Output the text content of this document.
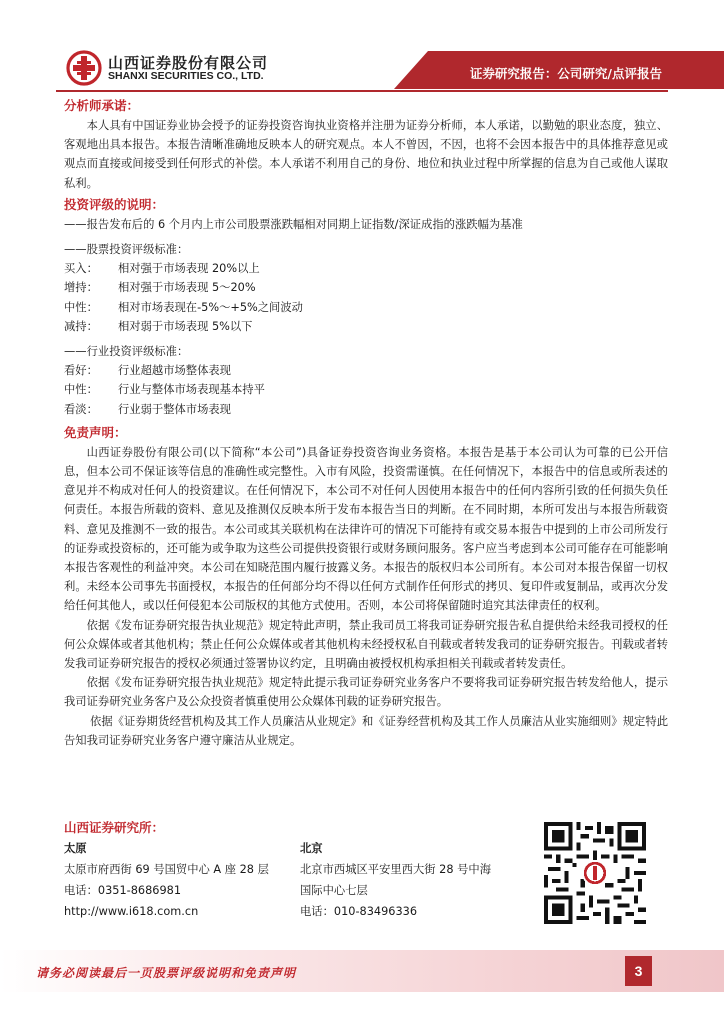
山西证券股份有限公司
SHANXI SECURITIES CO., LTD.	证券研究报告：公司研究/点评报告
分析师承诺：
本人具有中国证券业协会授予的证券投资咨询执业资格并注册为证券分析师，本人承诺，以勤勉的职业态度，独立、客观地出具本报告。本报告清晰准确地反映本人的研究观点。本人不曾因，不因，也将不会因本报告中的具体推荐意见或观点而直接或间接受到任何形式的补偿。本人承诺不利用自己的身份、地位和执业过程中所掌握的信息为自己或他人谋取私利。
投资评级的说明：
——报告发布后的 6 个月内上市公司股票涨跌幅相对同期上证指数/深证成指的涨跌幅为基准
——股票投资评级标准：
买入：	相对强于市场表现 20%以上
增持：	相对强于市场表现 5～20%
中性：	相对市场表现在-5%～+5%之间波动
减持：	相对弱于市场表现 5%以下
——行业投资评级标准：
看好：	行业超越市场整体表现
中性：	行业与整体市场表现基本持平
看淡：	行业弱于整体市场表现
免责声明：
山西证券股份有限公司(以下简称“本公司”)具备证券投资咨询业务资格。本报告是基于本公司认为可靠的已公开信息，但本公司不保证该等信息的准确性或完整性。入市有风险，投资需谨慎。在任何情况下，本报告中的信息或所表述的意见并不构成对任何人的投资建议。在任何情况下，本公司不对任何人因使用本报告中的任何内容所引致的任何损失负任何责任。本报告所载的资料、意见及推测仅反映本所于发布本报告当日的判断。在不同时期，本所可发出与本报告所载资料、意见及推测不一致的报告。本公司或其关联机构在法律许可的情况下可能持有或交易本报告中提到的上市公司所发行的证券或投资标的，还可能为或争取为这些公司提供投资银行或财务顾问服务。客户应当考虑到本公司可能存在可能影响本报告客观性的利益冲突。本公司在知晓范围内履行披露义务。本报告的版权归本公司所有。本公司对本报告保留一切权利。未经本公司事先书面授权，本报告的任何部分均不得以任何方式制作任何形式的拷贝、复印件或复制品，或再次分发给任何其他人，或以任何侵犯本公司版权的其他方式使用。否则，本公司将保留随时追究其法律责任的权利。
依据《发布证券研究报告执业规范》规定特此声明，禁止我司员工将我司证券研究报告私自提供给未经我司授权的任何公众媒体或者其他机构；禁止任何公众媒体或者其他机构未经授权私自刊载或者转发我司的证券研究报告。刊载或者转发我司证券研究报告的授权必须通过签署协议约定，且明确由被授权机构承担相关刊载或者转发责任。
依据《发布证券研究报告执业规范》规定特此提示我司证券研究业务客户不要将我司证券研究报告转发给他人，提示我司证券研究业务客户及公众投资者慎重使用公众媒体刊载的证券研究报告。
依据《证券期货经营机构及其工作人员廉洁从业规定》和《证券经营机构及其工作人员廉洁从业实施细则》规定特此告知我司证券研究业务客户遵守廉洁从业规定。
山西证券研究所：
太原
太原市府西街 69 号国贸中心 A 座 28 层
电话：0351-8686981
http://www.i618.com.cn
北京
北京市西城区平安里西大街 28 号中海
国际中心七层
电话：010-83496336
请务必阅读最后一页股票评级说明和免责声明	3
